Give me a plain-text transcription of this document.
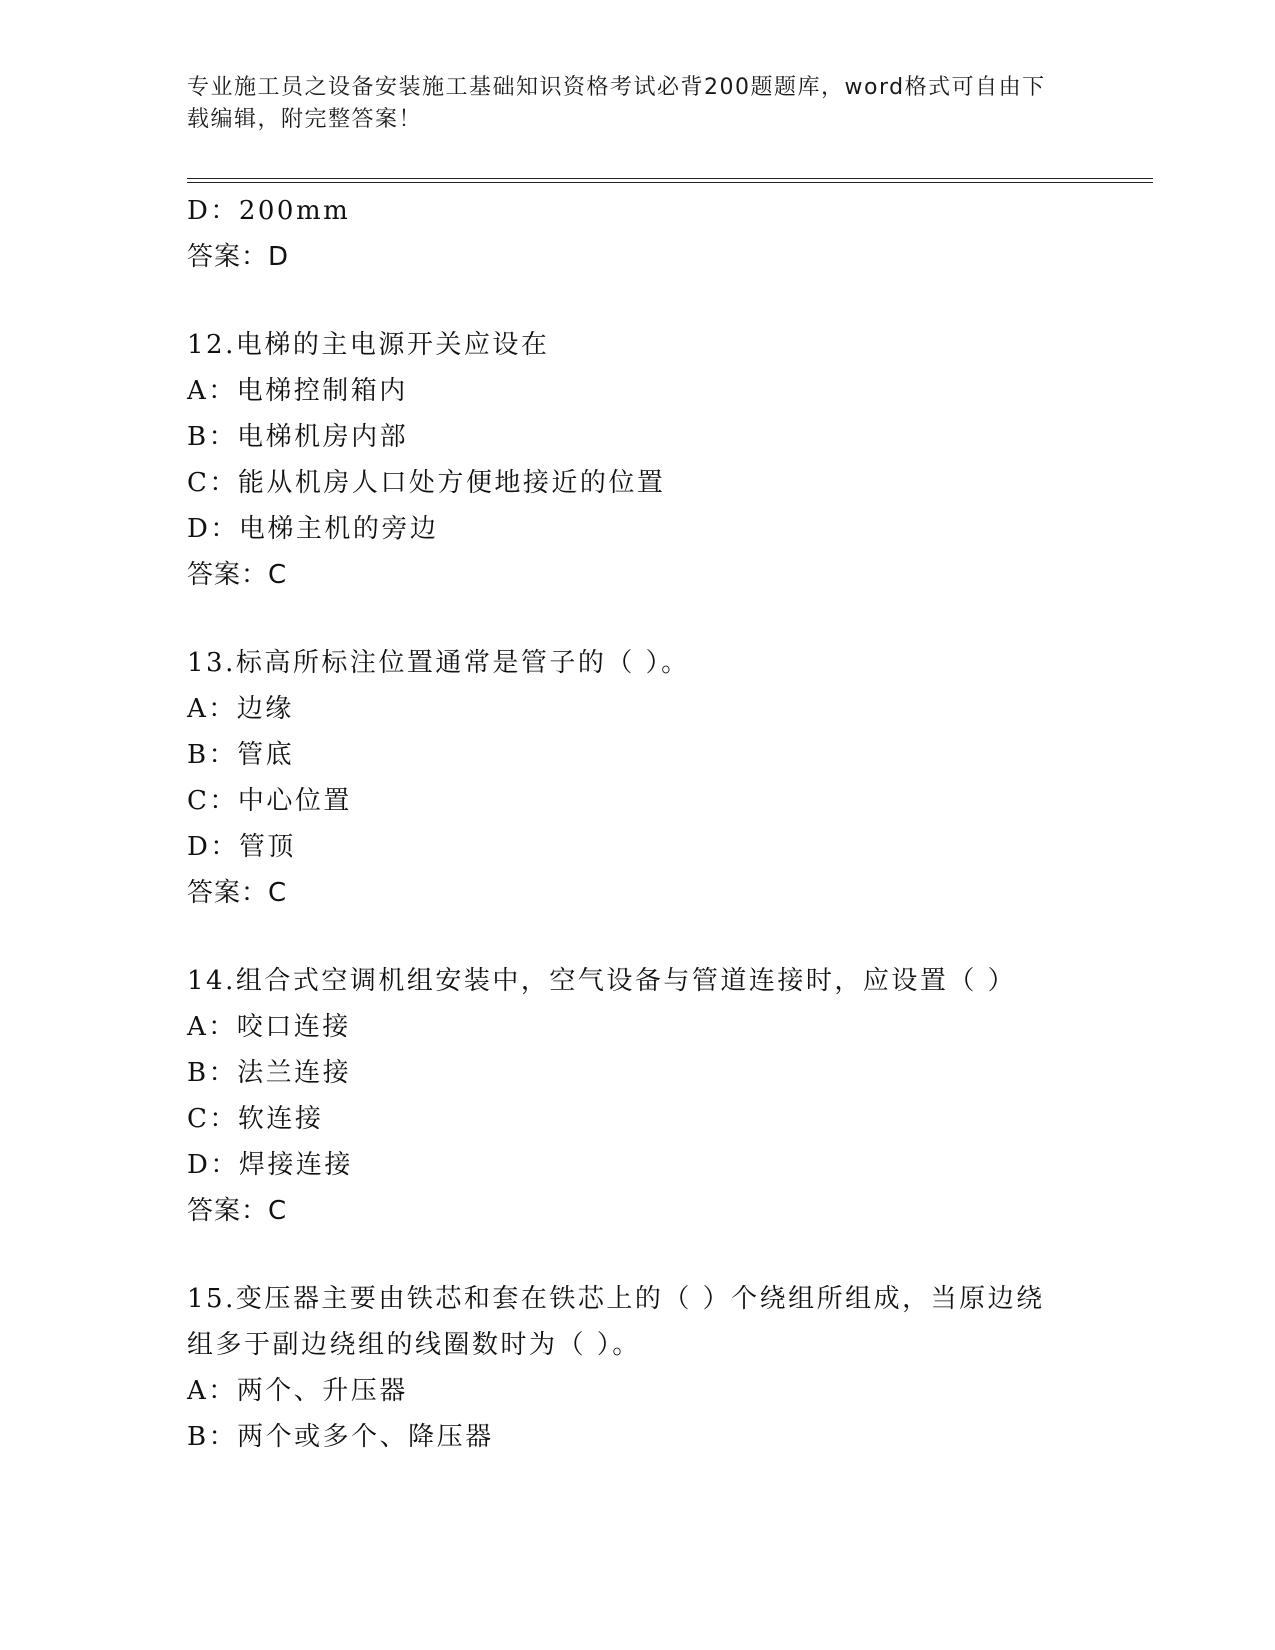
专业施工员之设备安装施工基础知识资格考试必背200题题库，word格式可自由下载编辑，附完整答案！
D：200mm
答案：D
12.电梯的主电源开关应设在
A：电梯控制箱内
B：电梯机房内部
C：能从机房人口处方便地接近的位置
D：电梯主机的旁边
答案：C
13.标高所标注位置通常是管子的（ ）。
A：边缘
B：管底
C：中心位置
D：管顶
答案：C
14.组合式空调机组安装中，空气设备与管道连接时，应设置（ ）
A：咬口连接
B：法兰连接
C：软连接
D：焊接连接
答案：C
15.变压器主要由铁芯和套在铁芯上的（ ）个绕组所组成，当原边绕组多于副边绕组的线圈数时为（ ）。
A：两个、升压器
B：两个或多个、降压器
